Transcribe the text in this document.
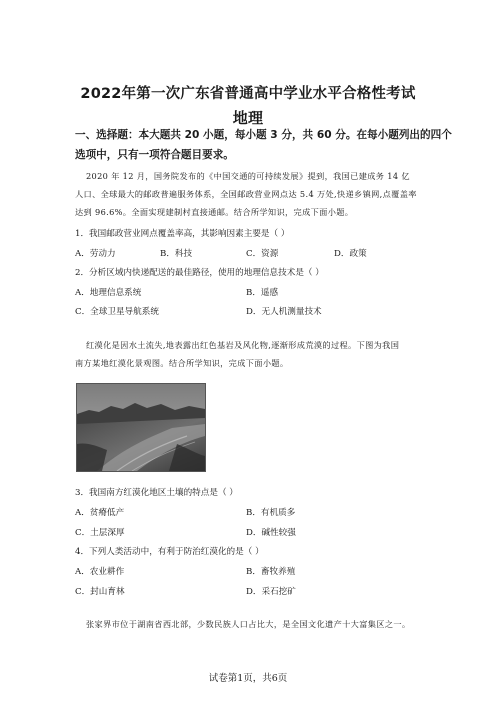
2022年第一次广东省普通高中学业水平合格性考试
地理
一、选择题：本大题共 20 小题，每小题 3 分，共 60 分。在每小题列出的四个
选项中，只有一项符合题目要求。
2020 年 12 月，国务院发布的《中国交通的可持续发展》提到，我国已建成务 14 亿
人口、全球最大的邮政普遍服务体系，全国邮政营业网点达 5.4 万处,快递乡镇网,点覆盖率
达到 96.6%。全面实现建制村直接通邮。结合所学知识，完成下面小题。
1．我国邮政营业网点覆盖率高，其影响因素主要是（ ）
A．劳动力	B．科技	C．资源	D．政策
2．分析区域内快递配送的最佳路径，使用的地理信息技术是（ ）
A．地理信息系统	B．遥感
C．全球卫星导航系统	D．无人机测量技术
红漠化是因水土流失,地表露出红色基岩及风化物,逐渐形成荒漠的过程。下图为我国
南方某地红漠化景观图。结合所学知识，完成下面小题。
3．我国南方红漠化地区土壤的特点是（ ）
A．贫瘠低产	B．有机质多
C．土层深厚	D．碱性较强
4．下列人类活动中，有利于防治红漠化的是（ ）
A．农业耕作	B．畜牧养殖
C．封山育林	D．采石挖矿
张家界市位于湖南省西北部，少数民族人口占比大，是全国文化遗产十大富集区之一。
试卷第1页，共6页
